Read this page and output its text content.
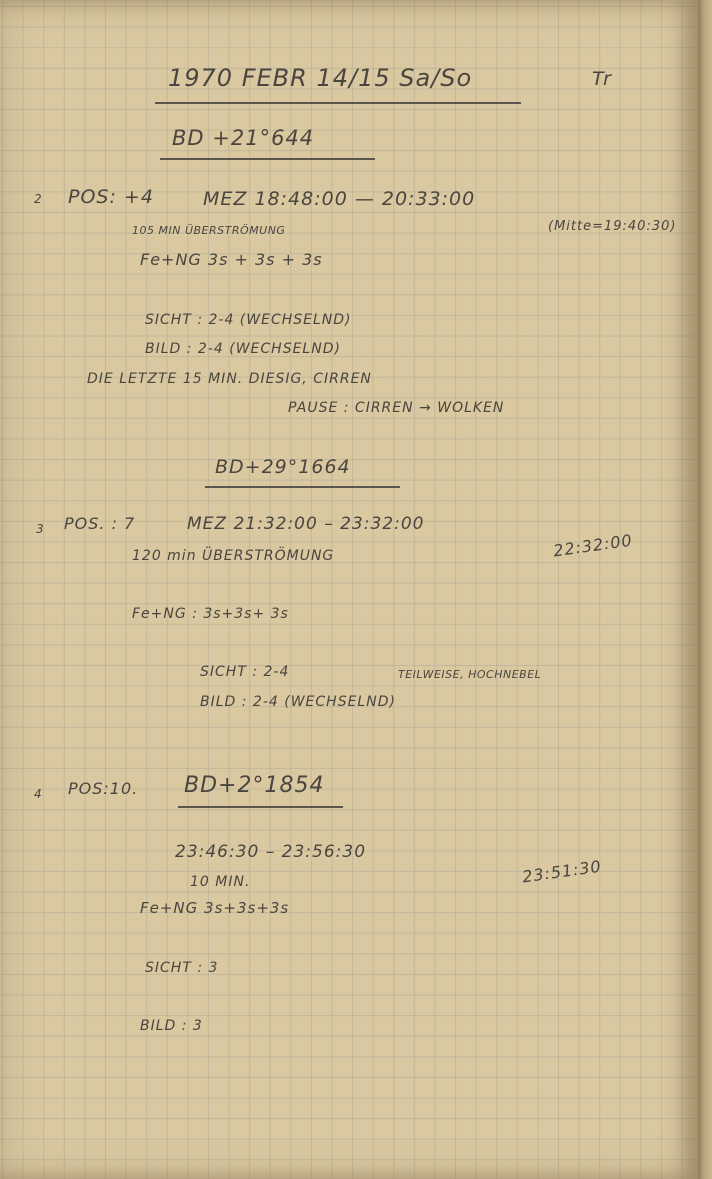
1970 FEBR 14/15 Sa/So	Tr
BD +21°644
2 POS: +4	MEZ 18:48:00 — 20:33:00
105 MIN ÜBERSTRÖMUNG	(Mitte=19:40:30)
Fe+NG 3s + 3s + 3s
SICHT : 2-4 (WECHSELND)
BILD : 2-4 (WECHSELND)
DIE LETZTE 15 MIN. DIESIG, CIRREN
PAUSE : CIRREN → WOLKEN
BD+29°1664
3 POS. : 7	MEZ 21:32:00 – 23:32:00
120 min ÜBERSTRÖMUNG	22:32:00
Fe+NG : 3s+3s+ 3s
SICHT : 2-4	TEILWEISE, HOCHNEBEL
BILD : 2-4 (WECHSELND)
4 POS:10. BD+2°1854
23:46:30 – 23:56:30
10 MIN.	23:51:30
Fe+NG 3s+3s+3s
SICHT : 3
BILD : 3
